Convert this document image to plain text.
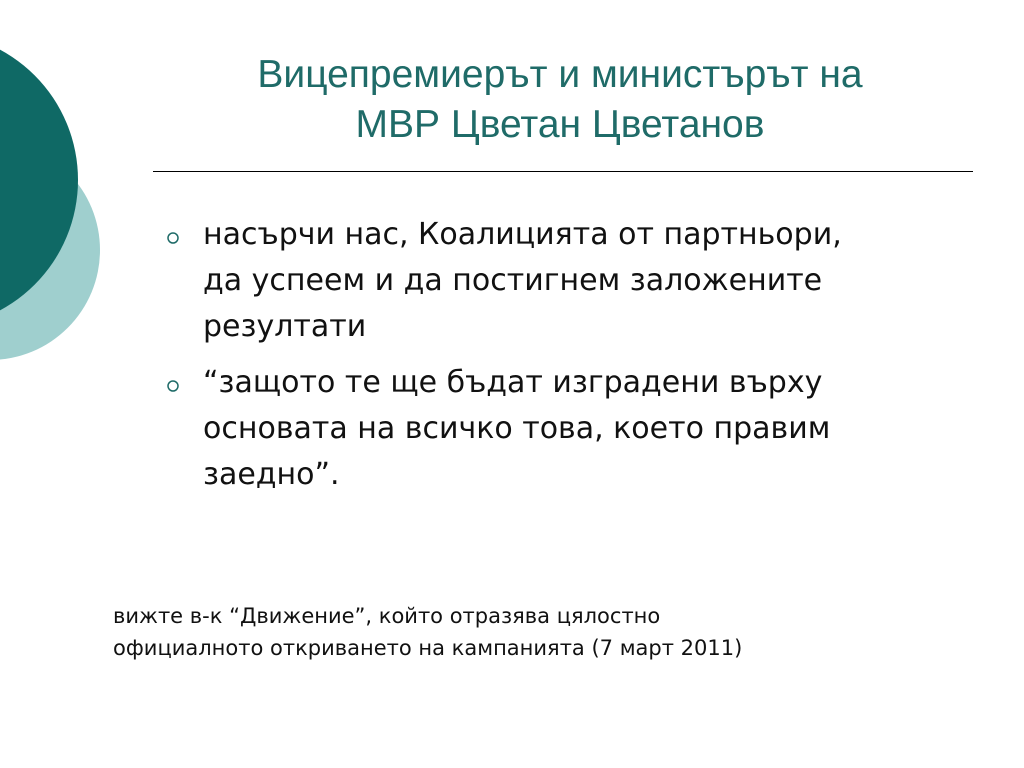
Вицепремиерът и министърът на
МВР Цветан Цветанов
насърчи нас, Коалицията от партньори,
да успеем и да постигнем заложените
резултати
“защото те ще бъдат изградени върху
основата на всичко това, което правим
заедно”.

вижте в-к “Движение”, който отразява цялостно
официалното откриването на кампанията (7 март 2011)
